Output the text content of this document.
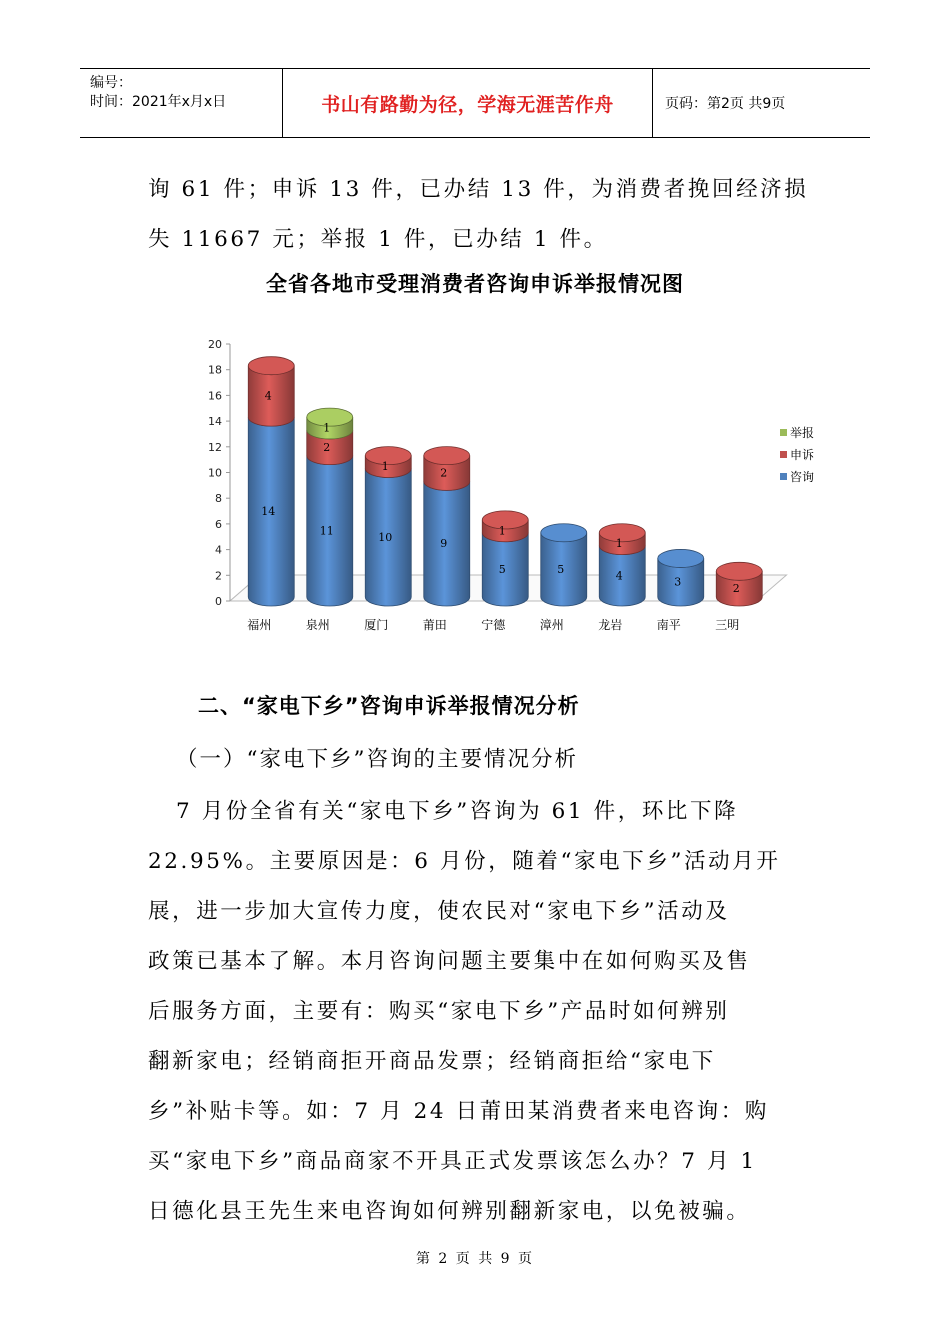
编号：
时间：2021年x月x日	书山有路勤为径，学海无涯苦作舟	页码：第2页 共9页
询 61 件；申诉 13 件，已办结 13 件，为消费者挽回经济损
失 11667 元；举报 1 件，已办结 1 件。
全省各地市受理消费者咨询申诉举报情况图
0
2
4
6
8
10
12
14
16
18
20
14
4
福州
11
2
1
泉州
10
1
厦门
9
2
莆田
5
1
宁德
5
漳州
4
1
龙岩
3
南平
2
三明
举报
申诉
咨询
二、“家电下乡”咨询申诉举报情况分析
（一）“家电下乡”咨询的主要情况分析
7 月份全省有关“家电下乡”咨询为 61 件，环比下降
22.95%。主要原因是：6 月份，随着“家电下乡”活动月开
展，进一步加大宣传力度，使农民对“家电下乡”活动及
政策已基本了解。本月咨询问题主要集中在如何购买及售
后服务方面，主要有：购买“家电下乡”产品时如何辨别
翻新家电；经销商拒开商品发票；经销商拒给“家电下
乡”补贴卡等。如：7 月 24 日莆田某消费者来电咨询：购
买“家电下乡”商品商家不开具正式发票该怎么办？7 月 1
日德化县王先生来电咨询如何辨别翻新家电，以免被骗。
第 2 页 共 9 页
